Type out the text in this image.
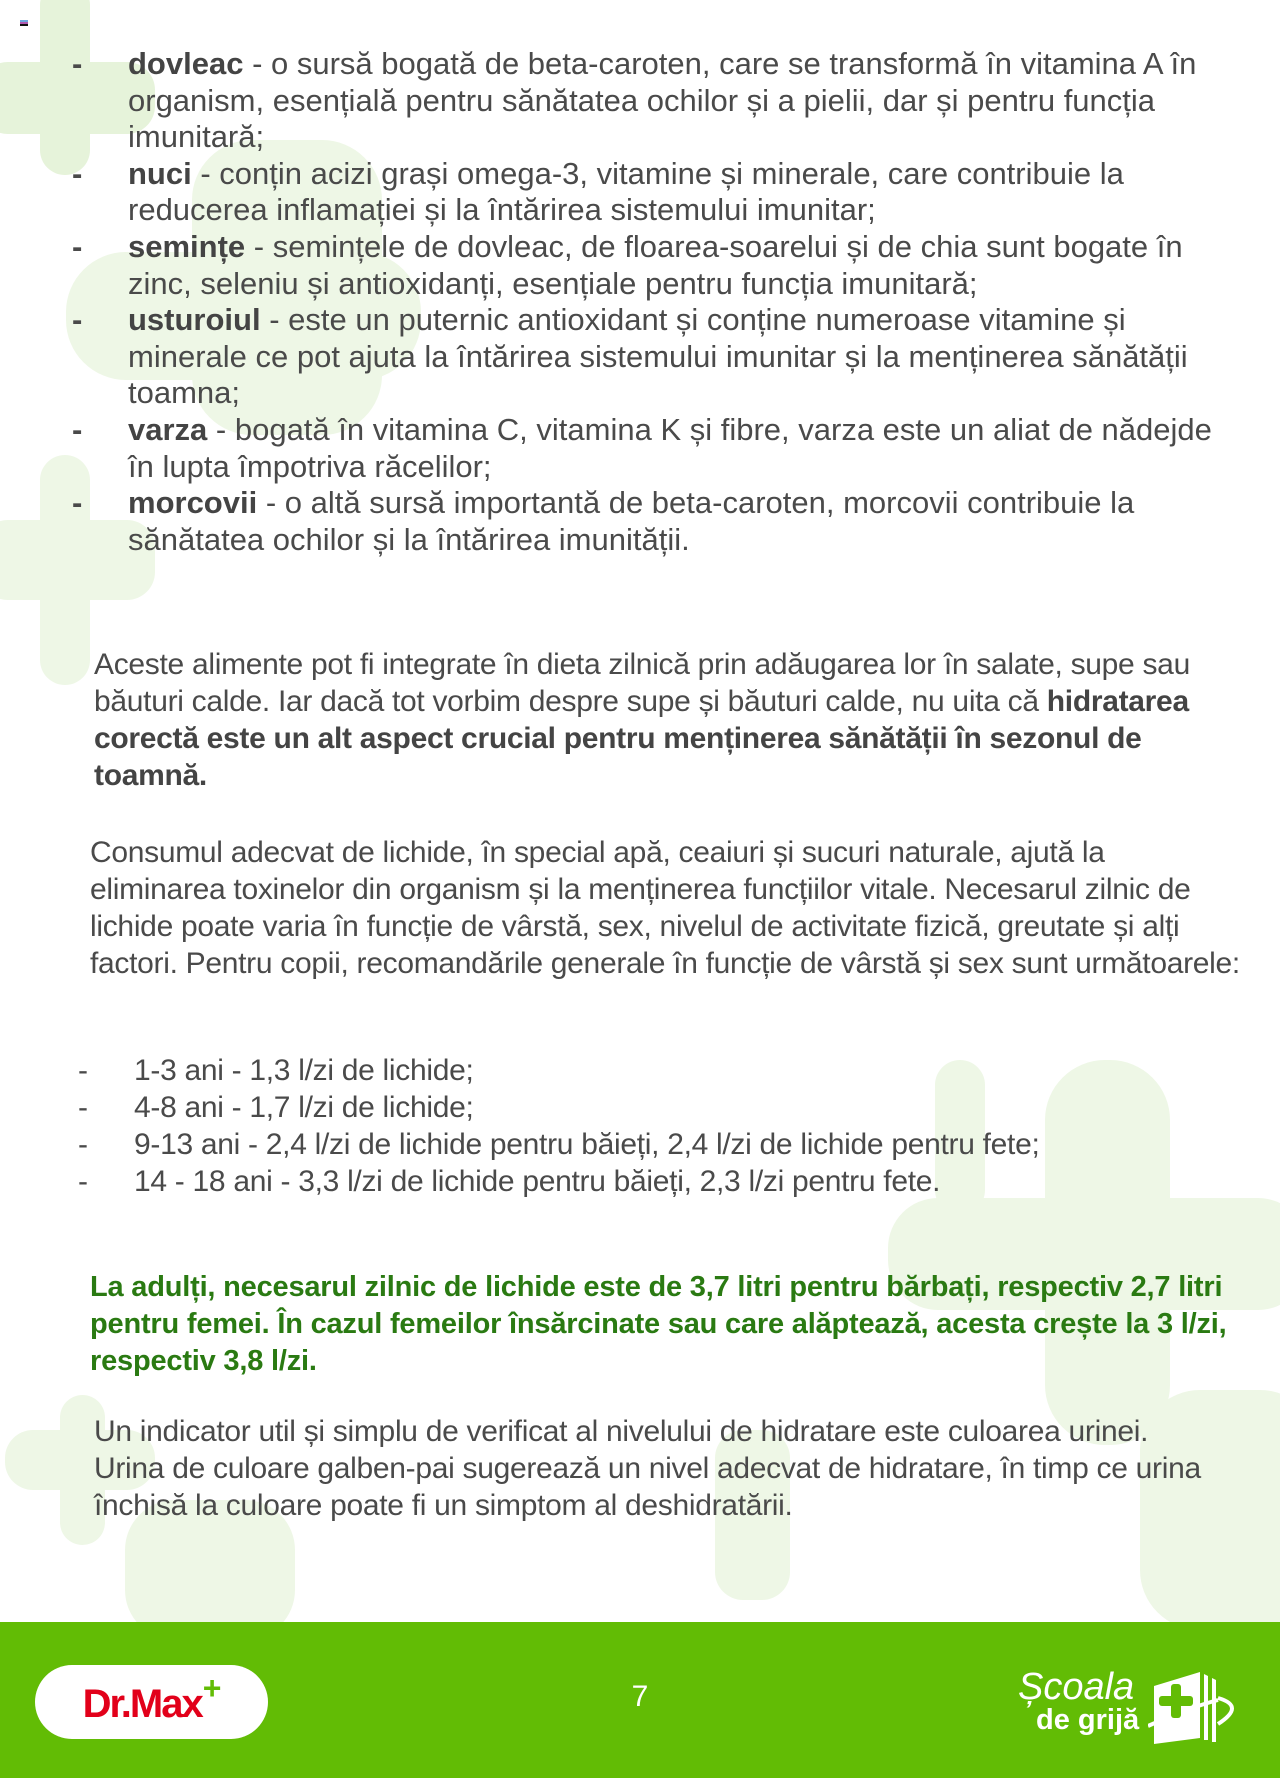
- dovleac - o sursă bogată de beta-caroten, care se transformă în vitamina A în organism, esențială pentru sănătatea ochilor și a pielii, dar și pentru funcția imunitară;
- nuci - conțin acizi grași omega-3, vitamine și minerale, care contribuie la reducerea inflamației și la întărirea sistemului imunitar;
- semințe - semințele de dovleac, de floarea-soarelui și de chia sunt bogate în zinc, seleniu și antioxidanți, esențiale pentru funcția imunitară;
- usturoiul - este un puternic antioxidant și conține numeroase vitamine și minerale ce pot ajuta la întărirea sistemului imunitar și la menținerea sănătății toamna;
- varza - bogată în vitamina C, vitamina K și fibre, varza este un aliat de nădejde în lupta împotriva răcelilor;
- morcovii - o altă sursă importantă de beta-caroten, morcovii contribuie la sănătatea ochilor și la întărirea imunității.

Aceste alimente pot fi integrate în dieta zilnică prin adăugarea lor în salate, supe sau băuturi calde. Iar dacă tot vorbim despre supe și băuturi calde, nu uita că hidratarea corectă este un alt aspect crucial pentru menținerea sănătății în sezonul de toamnă.

Consumul adecvat de lichide, în special apă, ceaiuri și sucuri naturale, ajută la eliminarea toxinelor din organism și la menținerea funcțiilor vitale. Necesarul zilnic de lichide poate varia în funcție de vârstă, sex, nivelul de activitate fizică, greutate și alți factori. Pentru copii, recomandările generale în funcție de vârstă și sex sunt următoarele:

- 1-3 ani - 1,3 l/zi de lichide;
- 4-8 ani - 1,7 l/zi de lichide;
- 9-13 ani - 2,4 l/zi de lichide pentru băieți, 2,4 l/zi de lichide pentru fete;
- 14 - 18 ani - 3,3 l/zi de lichide pentru băieți, 2,3 l/zi pentru fete.

La adulți, necesarul zilnic de lichide este de 3,7 litri pentru bărbați, respectiv 2,7 litri pentru femei. În cazul femeilor însărcinate sau care alăptează, acesta crește la 3 l/zi, respectiv 3,8 l/zi.

Un indicator util și simplu de verificat al nivelului de hidratare este culoarea urinei. Urina de culoare galben-pai sugerează un nivel adecvat de hidratare, în timp ce urina închisă la culoare poate fi un simptom al deshidratării.

Dr.Max +	7	Școala
de grijă
